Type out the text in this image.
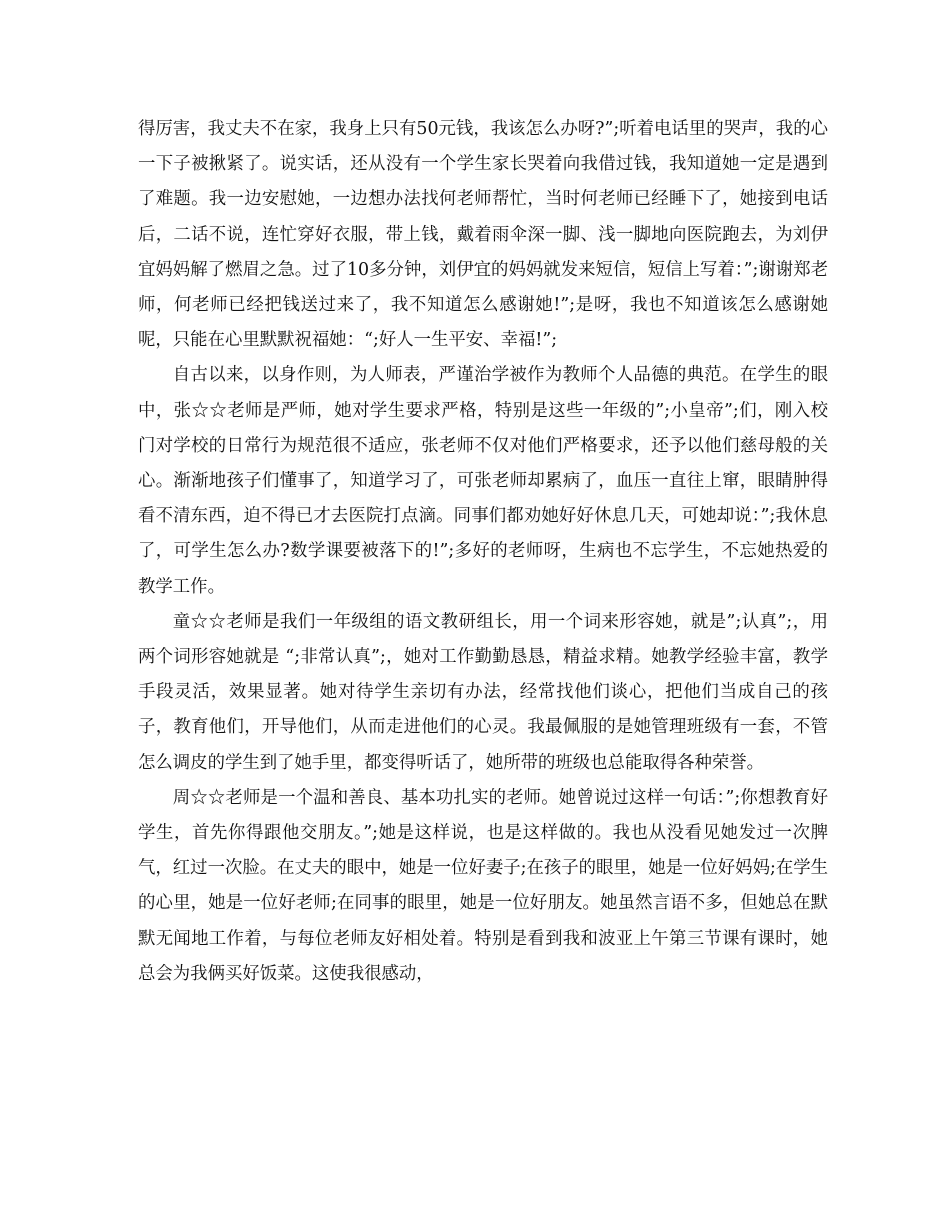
得厉害，我丈夫不在家，我身上只有50元钱，我该怎么办呀?”;听着电话里的哭声，我的心一下子被揪紧了。说实话，还从没有一个学生家长哭着向我借过钱，我知道她一定是遇到了难题。我一边安慰她，一边想办法找何老师帮忙，当时何老师已经睡下了，她接到电话后，二话不说，连忙穿好衣服，带上钱，戴着雨伞深一脚、浅一脚地向医院跑去，为刘伊宜妈妈解了燃眉之急。过了10多分钟，刘伊宜的妈妈就发来短信，短信上写着：”;谢谢郑老师，何老师已经把钱送过来了，我不知道怎么感谢她!”;是呀，我也不知道该怎么感谢她呢，只能在心里默默祝福她：“;好人一生平安、幸福!”;

自古以来，以身作则，为人师表，严谨治学被作为教师个人品德的典范。在学生的眼中，张☆☆老师是严师，她对学生要求严格，特别是这些一年级的”;小皇帝”;们，刚入校门对学校的日常行为规范很不适应，张老师不仅对他们严格要求，还予以他们慈母般的关心。渐渐地孩子们懂事了，知道学习了，可张老师却累病了，血压一直往上窜，眼睛肿得看不清东西，迫不得已才去医院打点滴。同事们都劝她好好休息几天，可她却说：”;我休息了，可学生怎么办?数学课要被落下的!”;多好的老师呀，生病也不忘学生，不忘她热爱的教学工作。

童☆☆老师是我们一年级组的语文教研组长，用一个词来形容她，就是”;认真”;，用两个词形容她就是 “;非常认真”;，她对工作勤勤恳恳，精益求精。她教学经验丰富，教学手段灵活，效果显著。她对待学生亲切有办法，经常找他们谈心，把他们当成自己的孩子，教育他们，开导他们，从而走进他们的心灵。我最佩服的是她管理班级有一套，不管怎么调皮的学生到了她手里，都变得听话了，她所带的班级也总能取得各种荣誉。

周☆☆老师是一个温和善良、基本功扎实的老师。她曾说过这样一句话：”;你想教育好学生，首先你得跟他交朋友。”;她是这样说，也是这样做的。我也从没看见她发过一次脾气，红过一次脸。在丈夫的眼中，她是一位好妻子;在孩子的眼里，她是一位好妈妈;在学生的心里，她是一位好老师;在同事的眼里，她是一位好朋友。她虽然言语不多，但她总在默默无闻地工作着，与每位老师友好相处着。特别是看到我和波亚上午第三节课有课时，她总会为我俩买好饭菜。这使我很感动，
